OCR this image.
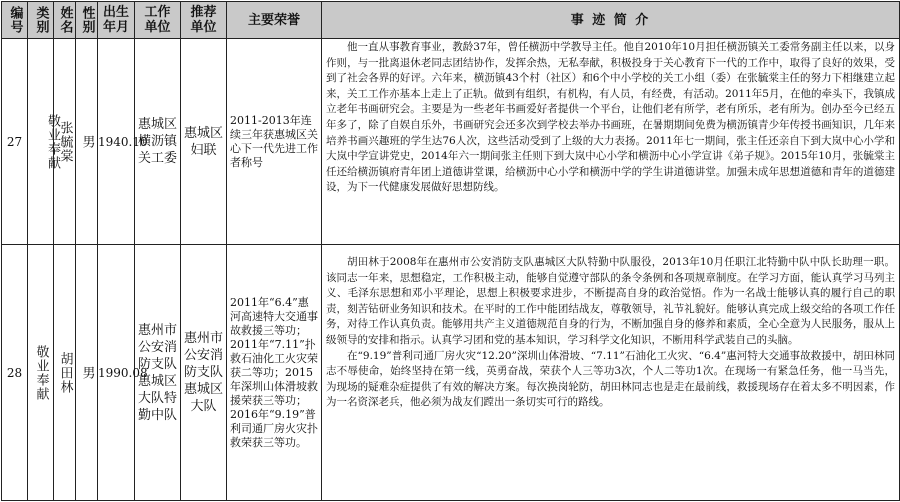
编号	类别	姓名	性别	出生年月	工作单位	推荐单位	主要荣誉	事 迹 简 介

27	敬业奉献	张毓棠	男	1940.10	惠城区横沥镇关工委	惠城区妇联	2011-2013年连续三年获惠城区关心下一代先进工作者称号	他一直从事教育事业，教龄37年，曾任横沥中学教导主任。他自2010年10月担任横沥镇关工委常务副主任以来，以身作则，与一批离退休老同志团结协作，发挥余热，无私奉献，积极投身于关心教育下一代的工作中，取得了良好的效果，受到了社会各界的好评。六年来，横沥镇43个村（社区）和6个中小学校的关工小组（委）在张毓棠主任的努力下相继建立起来，关工工作亦基本上走上了正轨。做到有组织，有机构，有人员，有经费，有活动。2011年5月，在他的牵头下，我镇成立老年书画研究会。主要是为一些老年书画爱好者提供一个平台，让他们老有所学，老有所乐，老有所为。创办至今已经五年多了，除了自娱自乐外，书画研究会还多次到学校去举办书画班，在暑期期间免费为横沥镇青少年传授书画知识，几年来培养书画兴趣班的学生达76人次，这些活动受到了上级的大力表扬。2011年七一期间，张主任还亲自下到大岚中心小学和大岚中学宣讲党史，2014年六一期间张主任则下到大岚中心小学和横沥中心小学宣讲《弟子规》。2015年10月，张毓棠主任还给横沥镇府青年团上道德讲堂课，给横沥中心小学和横沥中学的学生讲道德讲堂。加强未成年思想道德和青年的道德建设，为下一代健康发展做好思想防线。

28	敬业奉献	胡田林	男	1990.08	惠州市公安消防支队惠城区大队特勤中队	惠州市公安消防支队惠城区大队	2011年“6.4”惠河高速特大交通事故救援三等功；2011年“7.11”扑救石油化工火灾荣获二等功；2015年深圳山体滑坡救援荣获三等功；2016年“9.19”普利司通厂房火灾扑救荣获三等功。	胡田林于2008年在惠州市公安消防支队惠城区大队特勤中队服役，2013年10月任职江北特勤中队中队长助理一职。该同志一年来，思想稳定，工作积极主动，能够自觉遵守部队的条令条例和各项规章制度。在学习方面，能认真学习马列主义、毛泽东思想和邓小平理论，思想上积极要求进步，不断提高自身的政治觉悟。作为一名战士能够认真的履行自己的职责，刻苦钻研业务知识和技术。在平时的工作中能团结战友，尊敬领导，礼节礼貌好。能够认真完成上级交给的各项工作任务，对待工作认真负责。能够用共产主义道德规范自身的行为，不断加强自身的修养和素质，全心全意为人民服务，服从上级领导的安排和指示。认真学习团和党的基本知识，学习科学文化知识，不断用科学武装自己的头脑。

在“9.19”普利司通厂房火灾“12.20”深圳山体滑坡、“7.11”石油化工火灾、“6.4”惠河特大交通事故救援中，胡田林同志不辱使命，始终坚持在第一线，英勇奋战，荣获个人三等功3次，个人二等功1次。在现场一有紧急任务，他一马当先，为现场的疑难杂症提供了有效的解决方案。每次换岗轮防，胡田林同志也是走在最前线，救援现场存在着太多不明因素，作为一名资深老兵，他必须为战友们蹚出一条切实可行的路线。
